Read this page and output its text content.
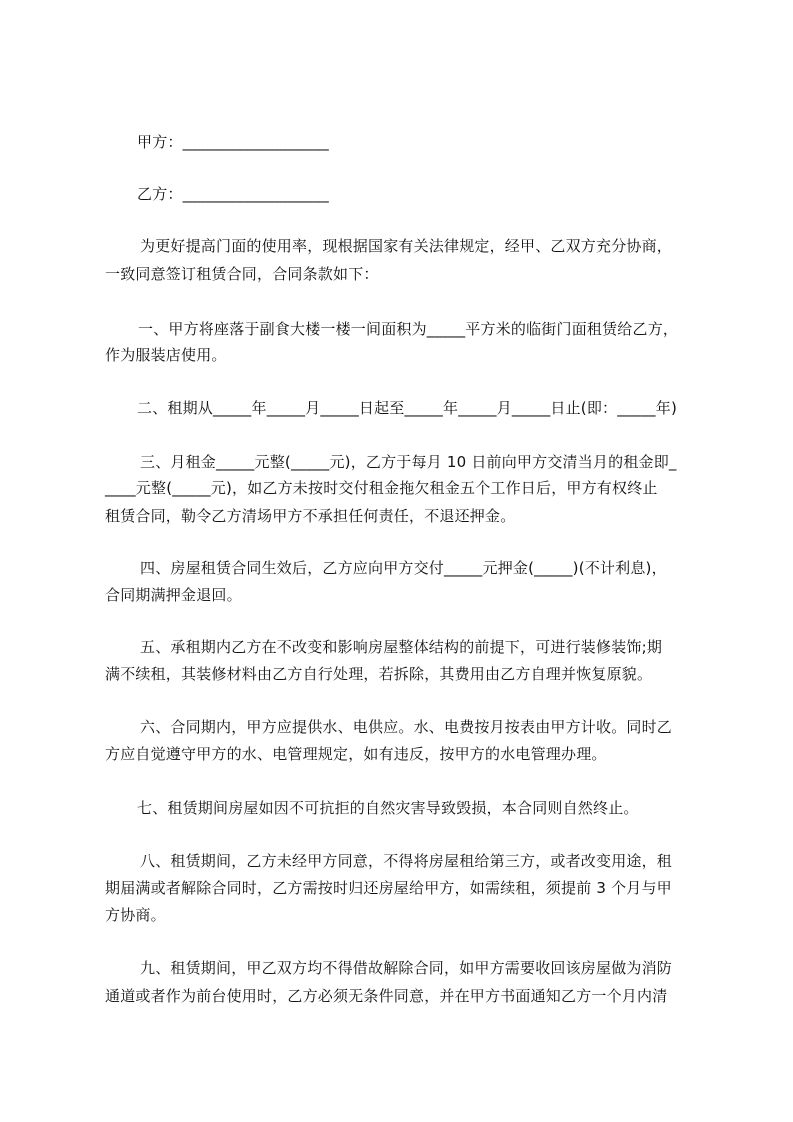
甲方：___________________

乙方：___________________

为更好提高门面的使用率，现根据国家有关法律规定，经甲、乙双方充分协商，

一致同意签订租赁合同，合同条款如下：

一、甲方将座落于副食大楼一楼一间面积为_____平方米的临街门面租赁给乙方，

作为服装店使用。

二、租期从_____年_____月_____日起至_____年_____月_____日止(即：_____年)

三、月租金_____元整(_____元)，乙方于每月 10 日前向甲方交清当月的租金即_

____元整(_____元)，如乙方未按时交付租金拖欠租金五个工作日后，甲方有权终止

租赁合同，勒令乙方清场甲方不承担任何责任，不退还押金。

四、房屋租赁合同生效后，乙方应向甲方交付_____元押金(_____)(不计利息)，

合同期满押金退回。

五、承租期内乙方在不改变和影响房屋整体结构的前提下，可进行装修装饰;期

满不续租，其装修材料由乙方自行处理，若拆除，其费用由乙方自理并恢复原貌。

六、合同期内，甲方应提供水、电供应。水、电费按月按表由甲方计收。同时乙

方应自觉遵守甲方的水、电管理规定，如有违反，按甲方的水电管理办理。

七、租赁期间房屋如因不可抗拒的自然灾害导致毁损，本合同则自然终止。

八、租赁期间，乙方未经甲方同意，不得将房屋租给第三方，或者改变用途，租

期届满或者解除合同时，乙方需按时归还房屋给甲方，如需续租，须提前 3 个月与甲

方协商。

九、租赁期间，甲乙双方均不得借故解除合同，如甲方需要收回该房屋做为消防

通道或者作为前台使用时，乙方必须无条件同意，并在甲方书面通知乙方一个月内清
